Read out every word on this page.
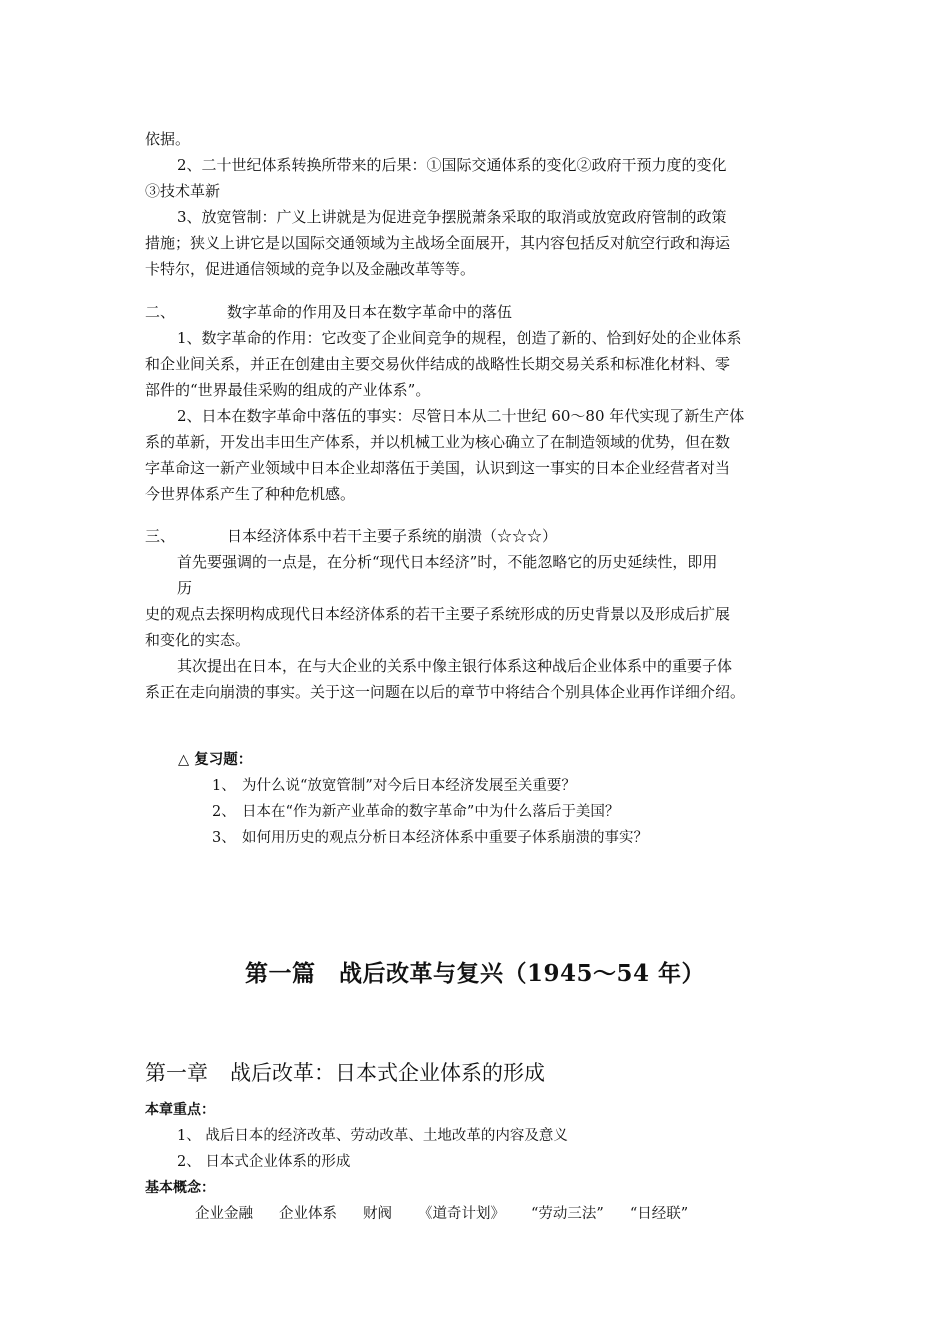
依据。
2、二十世纪体系转换所带来的后果：①国际交通体系的变化②政府干预力度的变化
③技术革新
3、放宽管制：广义上讲就是为促进竞争摆脱萧条采取的取消或放宽政府管制的政策
措施；狭义上讲它是以国际交通领域为主战场全面展开，其内容包括反对航空行政和海运
卡特尔，促进通信领域的竞争以及金融改革等等。
二、	数字革命的作用及日本在数字革命中的落伍
1、数字革命的作用：它改变了企业间竞争的规程，创造了新的、恰到好处的企业体系
和企业间关系，并正在创建由主要交易伙伴结成的战略性长期交易关系和标准化材料、零
部件的“世界最佳采购的组成的产业体系”。
2、日本在数字革命中落伍的事实：尽管日本从二十世纪 60～80 年代实现了新生产体
系的革新，开发出丰田生产体系，并以机械工业为核心确立了在制造领域的优势，但在数
字革命这一新产业领域中日本企业却落伍于美国，认识到这一事实的日本企业经营者对当
今世界体系产生了种种危机感。
三、	日本经济体系中若干主要子系统的崩溃（☆☆☆）
首先要强调的一点是，在分析“现代日本经济”时，不能忽略它的历史延续性，即用
历
史的观点去探明构成现代日本经济体系的若干主要子系统形成的历史背景以及形成后扩展
和变化的实态。
其次提出在日本，在与大企业的关系中像主银行体系这种战后企业体系中的重要子体
系正在走向崩溃的事实。关于这一问题在以后的章节中将结合个别具体企业再作详细介绍。
△ 复习题：
1、 为什么说“放宽管制”对今后日本经济发展至关重要？
2、 日本在“作为新产业革命的数字革命”中为什么落后于美国？
3、 如何用历史的观点分析日本经济体系中重要子体系崩溃的事实？
第一篇　战后改革与复兴（1945～54 年）
第一章 战后改革：日本式企业体系的形成
本章重点：
1、 战后日本的经济改革、劳动改革、土地改革的内容及意义
2、 日本式企业体系的形成
基本概念：
企业金融 企业体系 财阀 《道奇计划》 “劳动三法” “日经联”
